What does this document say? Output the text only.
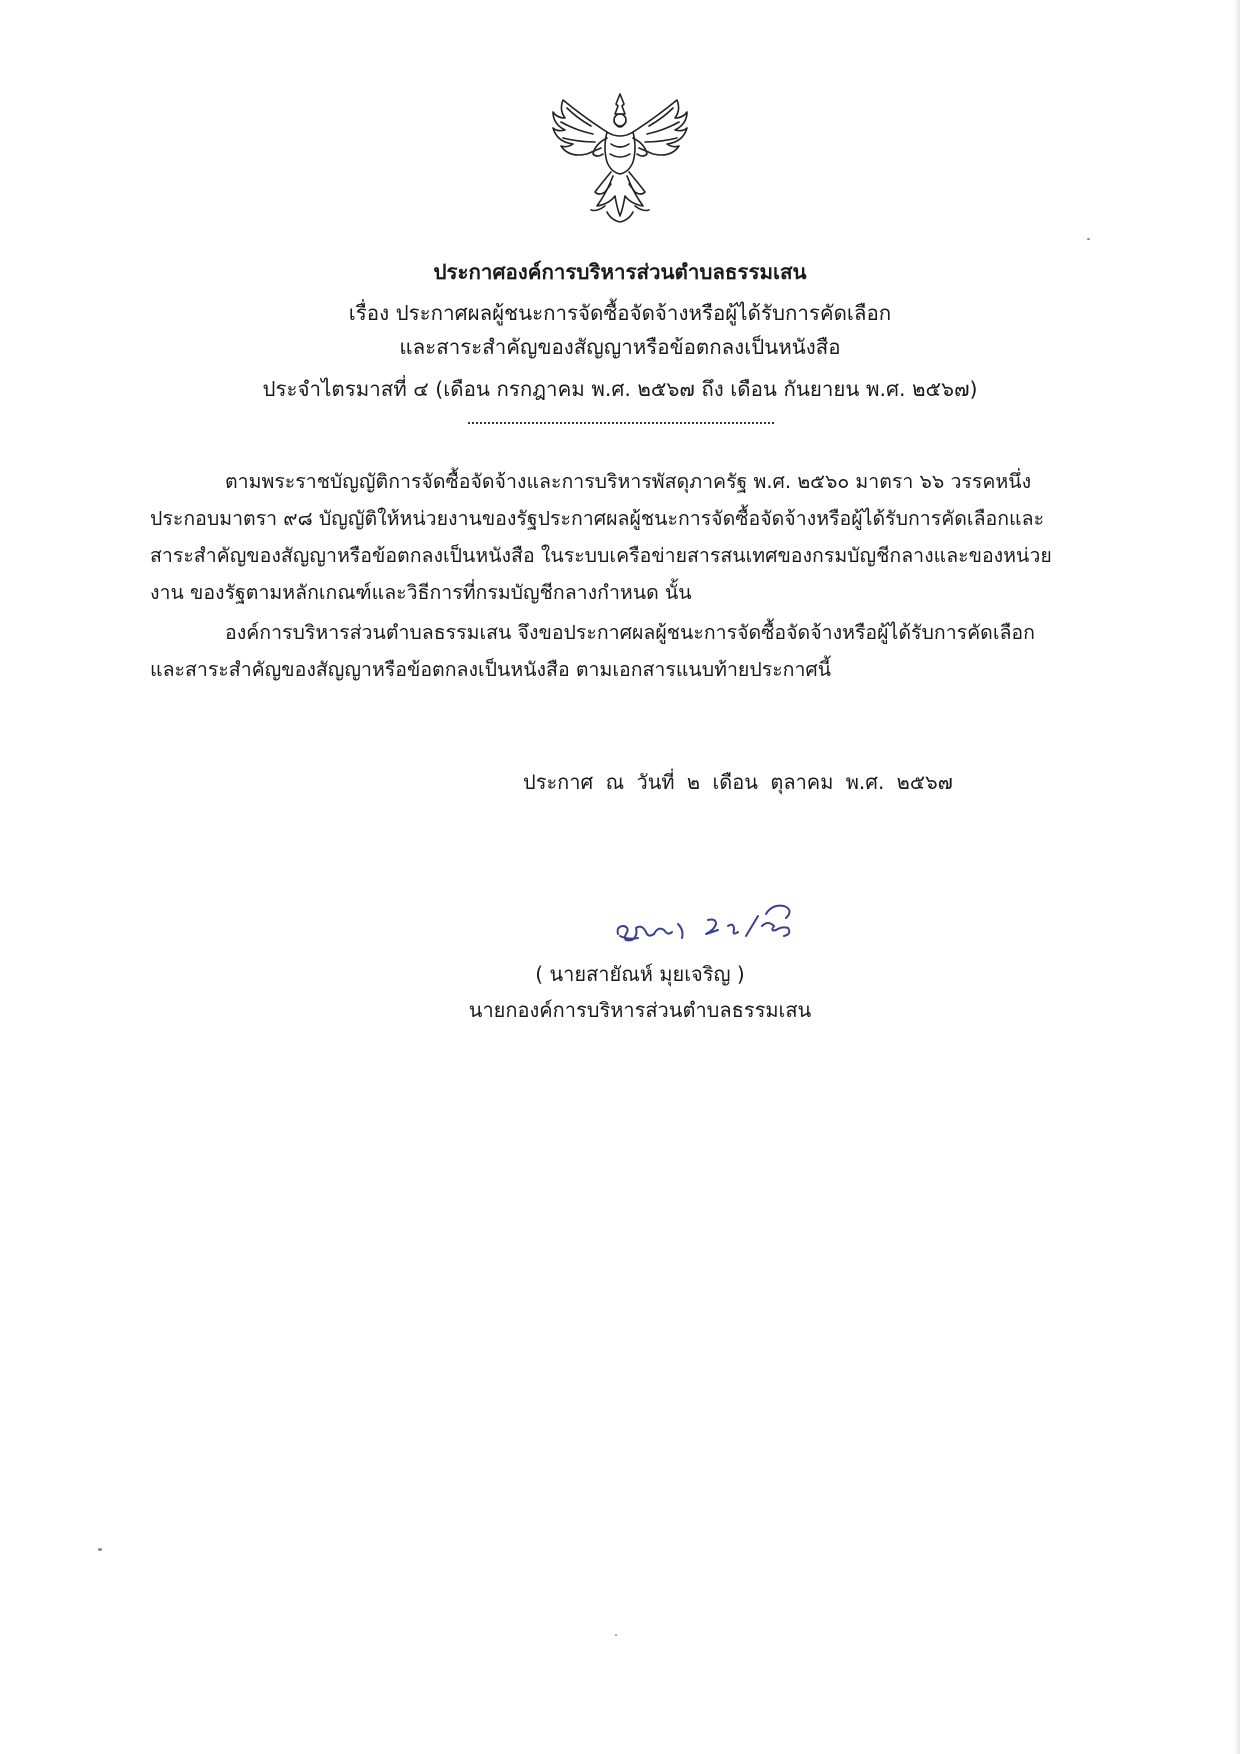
ประกาศองค์การบริหารส่วนตำบลธรรมเสน
เรื่อง ประกาศผลผู้ชนะการจัดซื้อจัดจ้างหรือผู้ได้รับการคัดเลือก
และสาระสำคัญของสัญญาหรือข้อตกลงเป็นหนังสือ
ประจำไตรมาสที่ ๔ (เดือน กรกฎาคม พ.ศ. ๒๕๖๗ ถึง เดือน กันยายน พ.ศ. ๒๕๖๗)
ตามพระราชบัญญัติการจัดซื้อจัดจ้างและการบริหารพัสดุภาครัฐ พ.ศ. ๒๕๖๐ มาตรา ๖๖ วรรคหนึ่ง
ประกอบมาตรา ๙๘ บัญญัติให้หน่วยงานของรัฐประกาศผลผู้ชนะการจัดซื้อจัดจ้างหรือผู้ได้รับการคัดเลือกและ
สาระสำคัญของสัญญาหรือข้อตกลงเป็นหนังสือ ในระบบเครือข่ายสารสนเทศของกรมบัญชีกลางและของหน่วย
งาน ของรัฐตามหลักเกณฑ์และวิธีการที่กรมบัญชีกลางกำหนด นั้น
องค์การบริหารส่วนตำบลธรรมเสน จึงขอประกาศผลผู้ชนะการจัดซื้อจัดจ้างหรือผู้ได้รับการคัดเลือก
และสาระสำคัญของสัญญาหรือข้อตกลงเป็นหนังสือ ตามเอกสารแนบท้ายประกาศนี้
ประกาศ ณ วันที่ ๒ เดือน ตุลาคม พ.ศ. ๒๕๖๗
( นายสายัณห์ มุยเจริญ )
นายกองค์การบริหารส่วนตำบลธรรมเสน
